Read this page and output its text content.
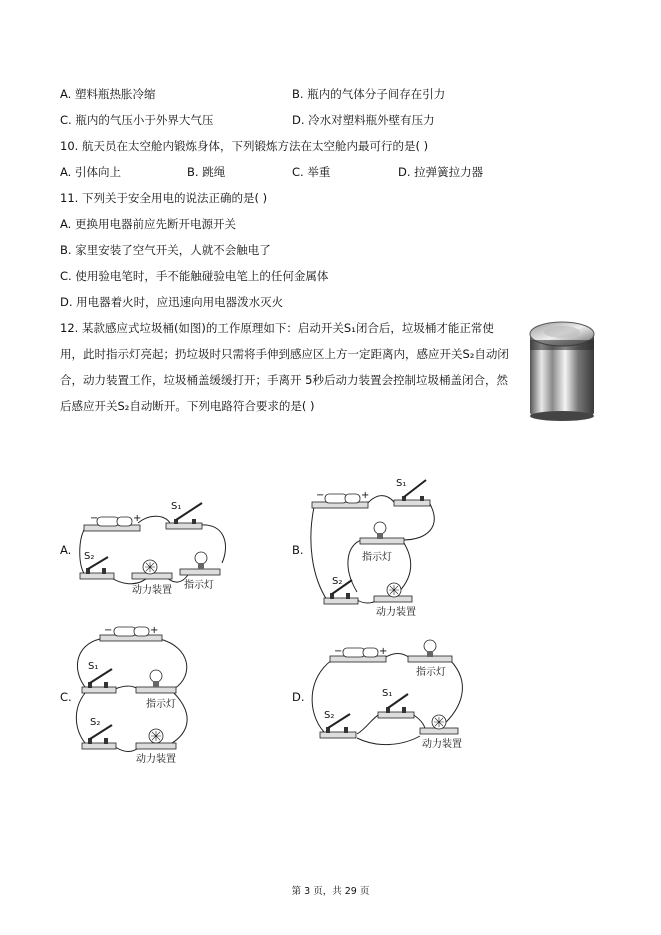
A. 塑料瓶热胀冷缩	B. 瓶内的气体分子间存在引力
C. 瓶内的气压小于外界大气压	D. 冷水对塑料瓶外壁有压力
10. 航天员在太空舱内锻炼身体，下列锻炼方法在太空舱内最可行的是( )
A. 引体向上	B. 跳绳	C. 举重	D. 拉弹簧拉力器
11. 下列关于安全用电的说法正确的是( )
A. 更换用电器前应先断开电源开关
B. 家里安装了空气开关，人就不会触电了
C. 使用验电笔时，手不能触碰验电笔上的任何金属体
D. 用电器着火时，应迅速向用电器泼水灭火
12. 某款感应式垃圾桶(如图)的工作原理如下：启动开关S₁闭合后，垃圾桶才能正常使
用，此时指示灯亮起；扔垃圾时只需将手伸到感应区上方一定距离内，感应开关S₂自动闭
合，动力装置工作，垃圾桶盖缓缓打开；手离开 5秒后动力装置会控制垃圾桶盖闭合，然
后感应开关S₂自动断开。下列电路符合要求的是( )
A.
−	+
S₁
S₂
动力装置 指示灯
B.
−	+
S₁
指示灯
S₂
动力装置
C.
−	+
S₁
指示灯
S₂
动力装置
D.
−	+
指示灯
S₁
S₂
动力装置
第 3 页，共 29 页
